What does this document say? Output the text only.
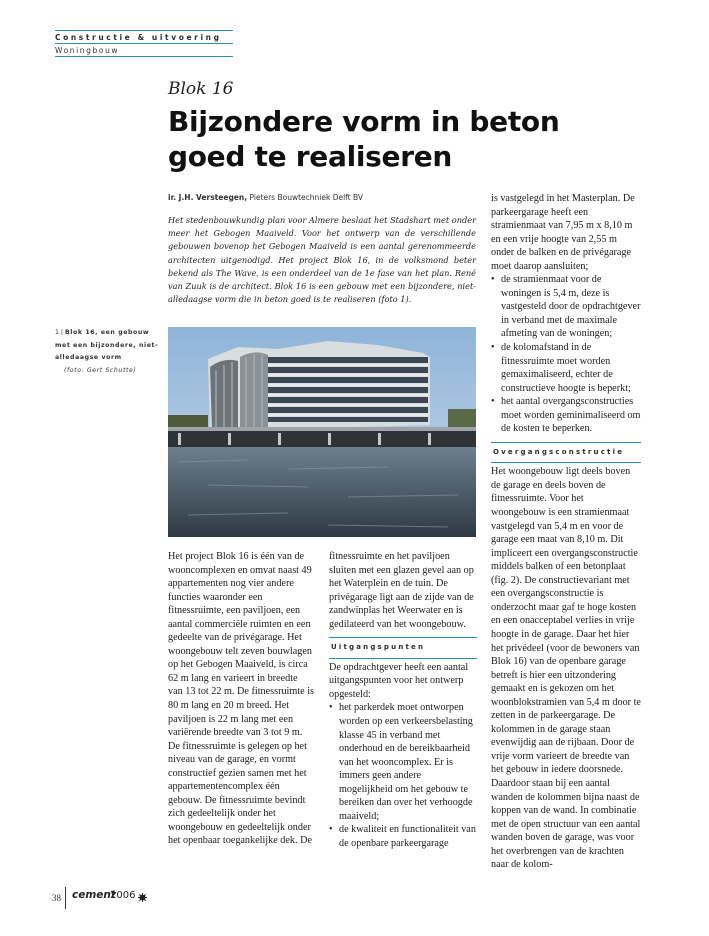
Constructie & uitvoering
Woningbouw
Blok 16
Bijzondere vorm in beton
goed te realiseren
ir. J.H. Versteegen, Pieters Bouwtechniek Delft BV
Het stedenbouwkundig plan voor Almere beslaat het Stadshart met onder meer het Gebogen Maaiveld. Voor het ontwerp van de verschillende gebouwen bovenop het Gebogen Maaiveld is een aantal gerenommeerde architecten uitgenodigd. Het project Blok 16, in de volksmond beter bekend als The Wave, is een onderdeel van de 1e fase van het plan. René van Zuuk is de architect. Blok 16 is een gebouw met een bijzondere, niet-alledaagse vorm die in beton goed is te realiseren (foto 1).
1 | Blok 16, een gebouw met een bijzondere, niet-alledaagse vorm
(foto: Gert Schutte)

Het project Blok 16 is één van de wooncomplexen en omvat naast 49 appartementen nog vier andere functies waaronder een fitnessruimte, een paviljoen, een aantal commerciële ruimten en een gedeelte van de privégarage. Het woongebouw telt zeven bouwlagen op het Gebogen Maaiveld, is circa 62 m lang en varieert in breedte van 13 tot 22 m. De fitnessruimte is 80 m lang en 20 m breed. Het paviljoen is 22 m lang met een variërende breedte van 3 tot 9 m.

De fitnessruimte is gelegen op het niveau van de garage, en vormt constructief gezien samen met het appartementencomplex één gebouw. De fitnessruimte bevindt zich gedeeltelijk onder het woongebouw en gedeeltelijk onder het openbaar toegankelijke dek. De

fitnessruimte en het paviljoen sluiten met een glazen gevel aan op het Waterplein en de tuin. De privégarage ligt aan de zijde van de zandwinplas het Weerwater en is gedilateerd van het woongebouw.

Uitgangspunten

De opdrachtgever heeft een aantal uitgangspunten voor het ontwerp opgesteld:

• het parkerdek moet ontworpen worden op een verkeersbelasting klasse 45 in verband met onderhoud en de bereikbaarheid van het wooncomplex. Er is immers geen andere mogelijkheid om het gebouw te bereiken dan over het verhoogde maaiveld;
• de kwaliteit en functionaliteit van de openbare parkeergarage

is vastgelegd in het Masterplan. De parkeergarage heeft een stramienmaat van 7,95 m x 8,10 m en een vrije hoogte van 2,55 m onder de balken en de privégarage moet daarop aansluiten;

• de stramienmaat voor de woningen is 5,4 m, deze is vastgesteld door de opdrachtgever in verband met de maximale afmeting van de woningen;
• de kolomafstand in de fitnessruimte moet worden gemaximaliseerd, echter de constructieve hoogte is beperkt;
• het aantal overgangsconstructies moet worden geminimaliseerd om de kosten te beperken.
Overgangsconstructie

Het woongebouw ligt deels boven de garage en deels boven de fitnessruimte. Voor het woongebouw is een stramienmaat vastgelegd van 5,4 m en voor de garage een maat van 8,10 m. Dit impliceert een overgangsconstructie middels balken of een betonplaat (fig. 2). De constructievariant met een overgangsconstructie is onderzocht maar gaf te hoge kosten en een onacceptabel verlies in vrije hoogte in de garage. Daar het hier het privédeel (voor de bewoners van Blok 16) van de openbare garage betreft is hier een uitzondering gemaakt en is gekozen om het woonblokstramien van 5,4 m door te zetten in de parkeergarage. De kolommen in de garage staan evenwijdig aan de rijbaan. Door de vrije vorm varieert de breedte van het gebouw in iedere doorsnede. Daardoor staan bij een aantal wanden de kolommen bijna naast de koppen van de wand. In combinatie met de open structuur van een aantal wanden boven de garage, was voor het overbrengen van de krachten naar de kolom-

38 cement
2006
